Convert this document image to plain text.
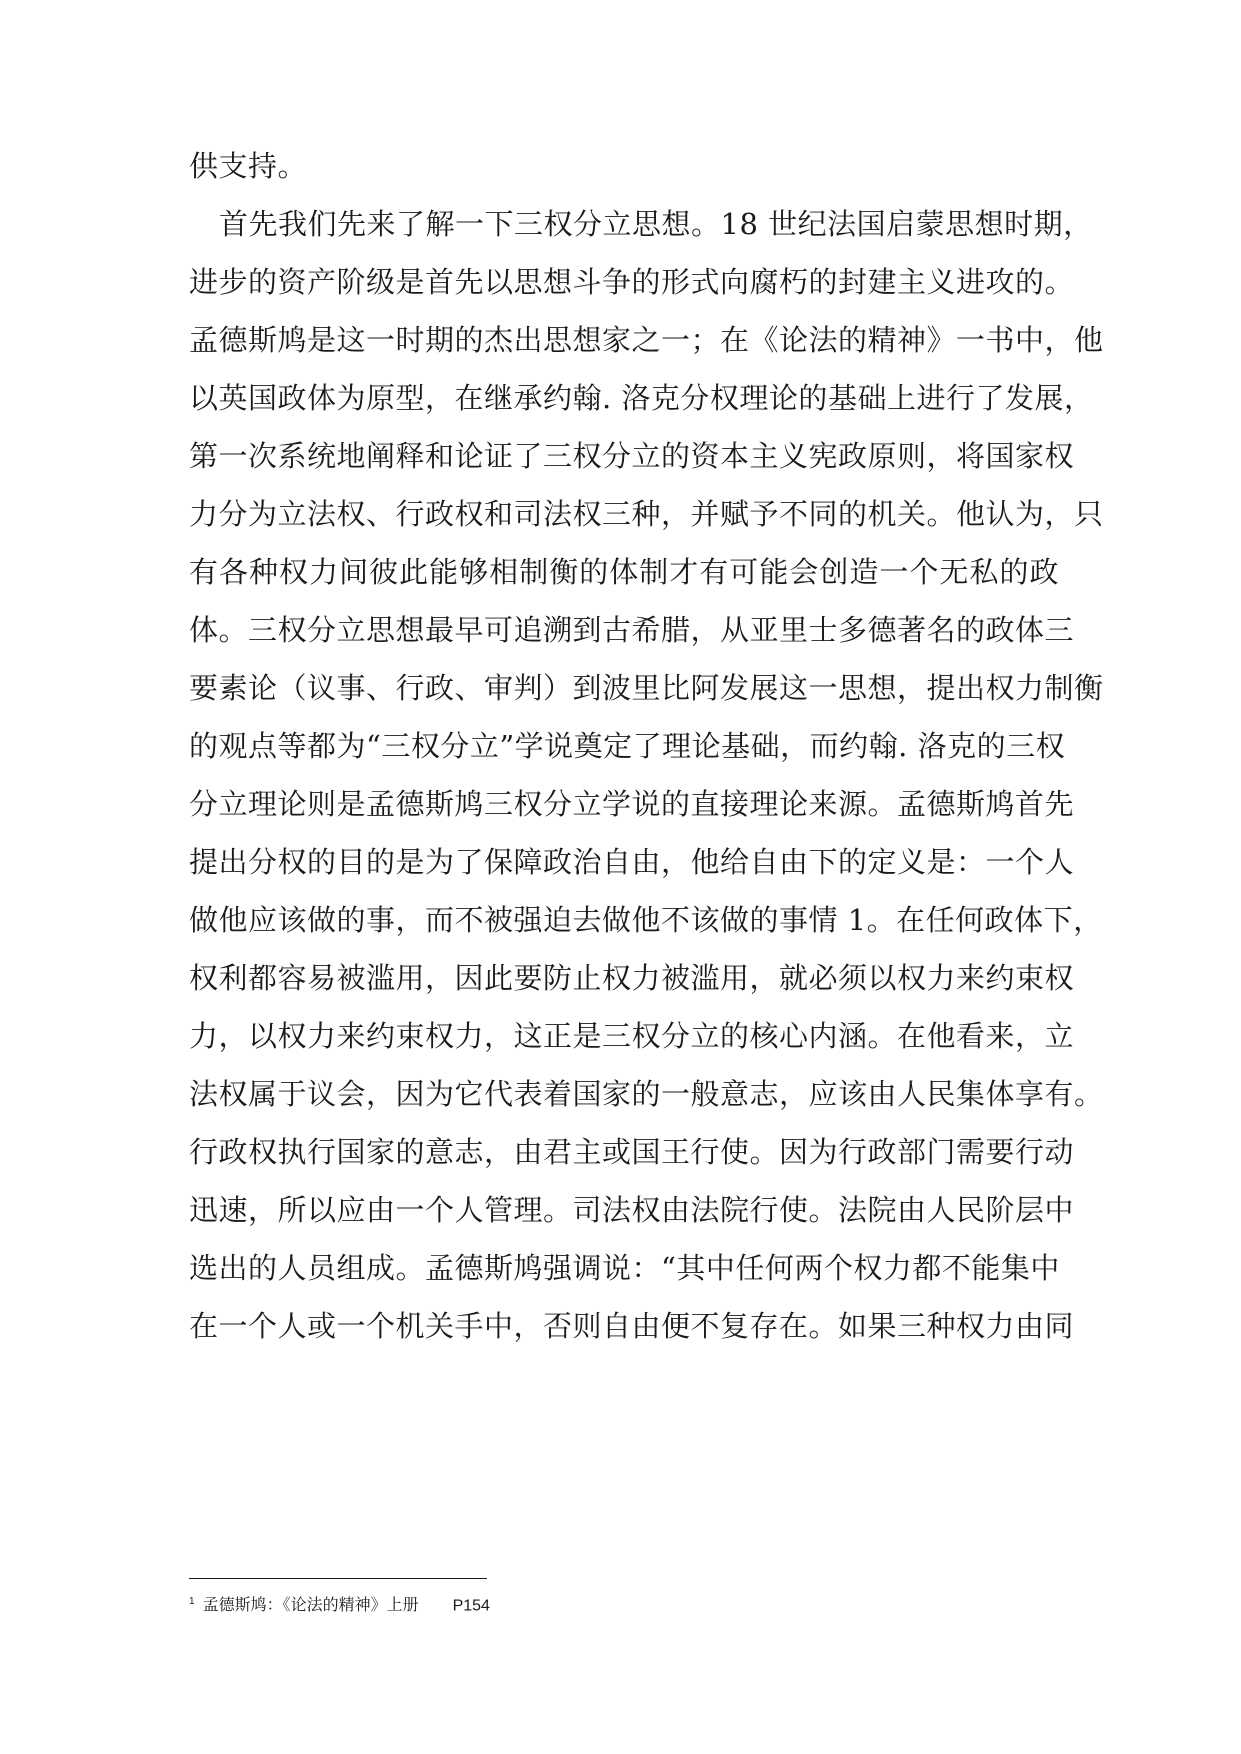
供支持。
首先我们先来了解一下三权分立思想。18 世纪法国启蒙思想时期，
进步的资产阶级是首先以思想斗争的形式向腐朽的封建主义进攻的。
孟德斯鸠是这一时期的杰出思想家之一；在《论法的精神》一书中，他
以英国政体为原型，在继承约翰. 洛克分权理论的基础上进行了发展，
第一次系统地阐释和论证了三权分立的资本主义宪政原则，将国家权
力分为立法权、行政权和司法权三种，并赋予不同的机关。他认为，只
有各种权力间彼此能够相制衡的体制才有可能会创造一个无私的政
体。三权分立思想最早可追溯到古希腊，从亚里士多德著名的政体三
要素论（议事、行政、审判）到波里比阿发展这一思想，提出权力制衡
的观点等都为“三权分立”学说奠定了理论基础，而约翰. 洛克的三权
分立理论则是孟德斯鸠三权分立学说的直接理论来源。孟德斯鸠首先
提出分权的目的是为了保障政治自由，他给自由下的定义是：一个人
做他应该做的事，而不被强迫去做他不该做的事情 1。在任何政体下，
权利都容易被滥用，因此要防止权力被滥用，就必须以权力来约束权
力，以权力来约束权力，这正是三权分立的核心内涵。在他看来，立
法权属于议会，因为它代表着国家的一般意志，应该由人民集体享有。
行政权执行国家的意志，由君主或国王行使。因为行政部门需要行动
迅速，所以应由一个人管理。司法权由法院行使。法院由人民阶层中
选出的人员组成。孟德斯鸠强调说：“其中任何两个权力都不能集中
在一个人或一个机关手中，否则自由便不复存在。如果三种权力由同
$^1$ 孟德斯鸠：《论法的精神》上册 P154
